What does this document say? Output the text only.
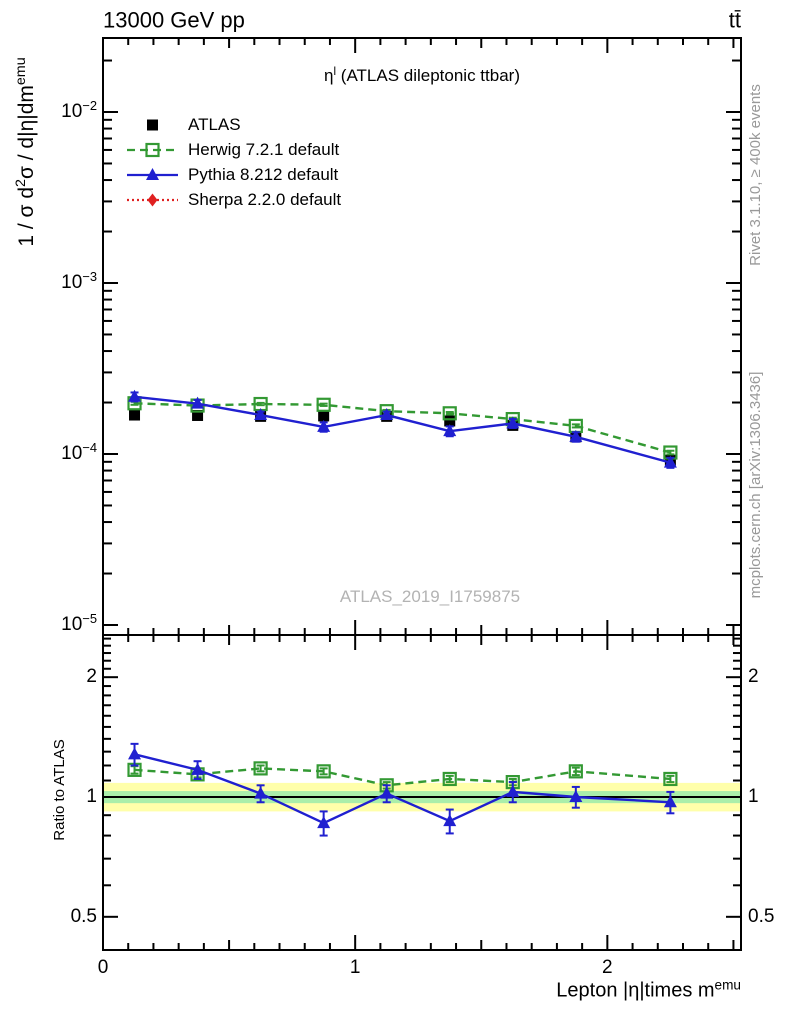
13000 GeV pp	tt̄
$\eta^l$ (ATLAS dileptonic ttbar)
ATLAS_2019_I1759875
1 / σ $d^2\sigma / d|\eta|dm^{emu}$
Ratio to ATLAS
Lepton |η|times $m^{emu}$
Rivet 3.1.10, ≥ 400k events
mcplots.cern.ch [arXiv:1306.3436]
ATLAS
Herwig 7.2.1 default
Pythia 8.212 default
Sherpa 2.2.0 default
$10^{-2}$
$10^{-3}$
$10^{-4}$
$10^{-5}$
0.5	0.5
1	1
2	2
0	1	2
